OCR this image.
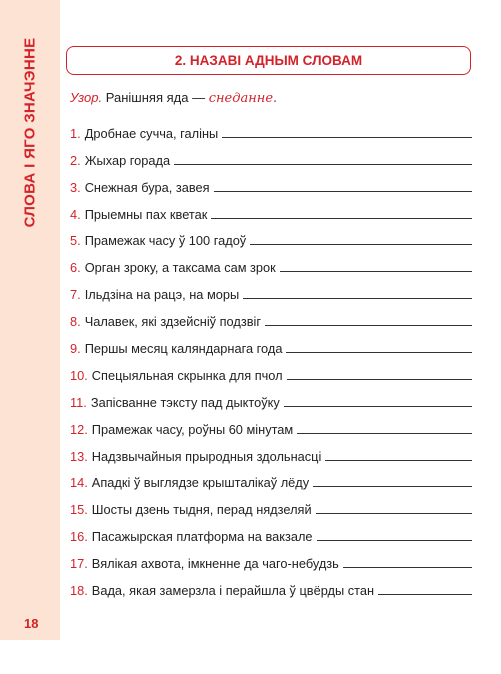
СЛОВА І ЯГО ЗНАЧЭННЕ
18
2. НАЗАВІ АДНЫМ СЛОВАМ
Узор. Ранішняя яда — снеданне.
1. Дробнае сучча, галіны
2. Жыхар горада
3. Снежная бура, завея
4. Прыемны пах кветак
5. Прамежак часу ў 100 гадоў
6. Орган зроку, а таксама сам зрок
7. Ільдзіна на рацэ, на моры
8. Чалавек, які здзейсніў подзвіг
9. Першы месяц каляндарнага года
10. Спецыяльная скрынка для пчол
11. Запісванне тэксту пад дыктоўку
12. Прамежак часу, роўны 60 мінутам
13. Надзвычайныя прыродныя здольнасці
14. Ападкі ў выглядзе крышталікаў лёду
15. Шосты дзень тыдня, перад нядзеляй
16. Пасажырская платформа на вакзале
17. Вялікая ахвота, імкненне да чаго-небудзь
18. Вада, якая замерзла і перайшла ў цвёрды стан
